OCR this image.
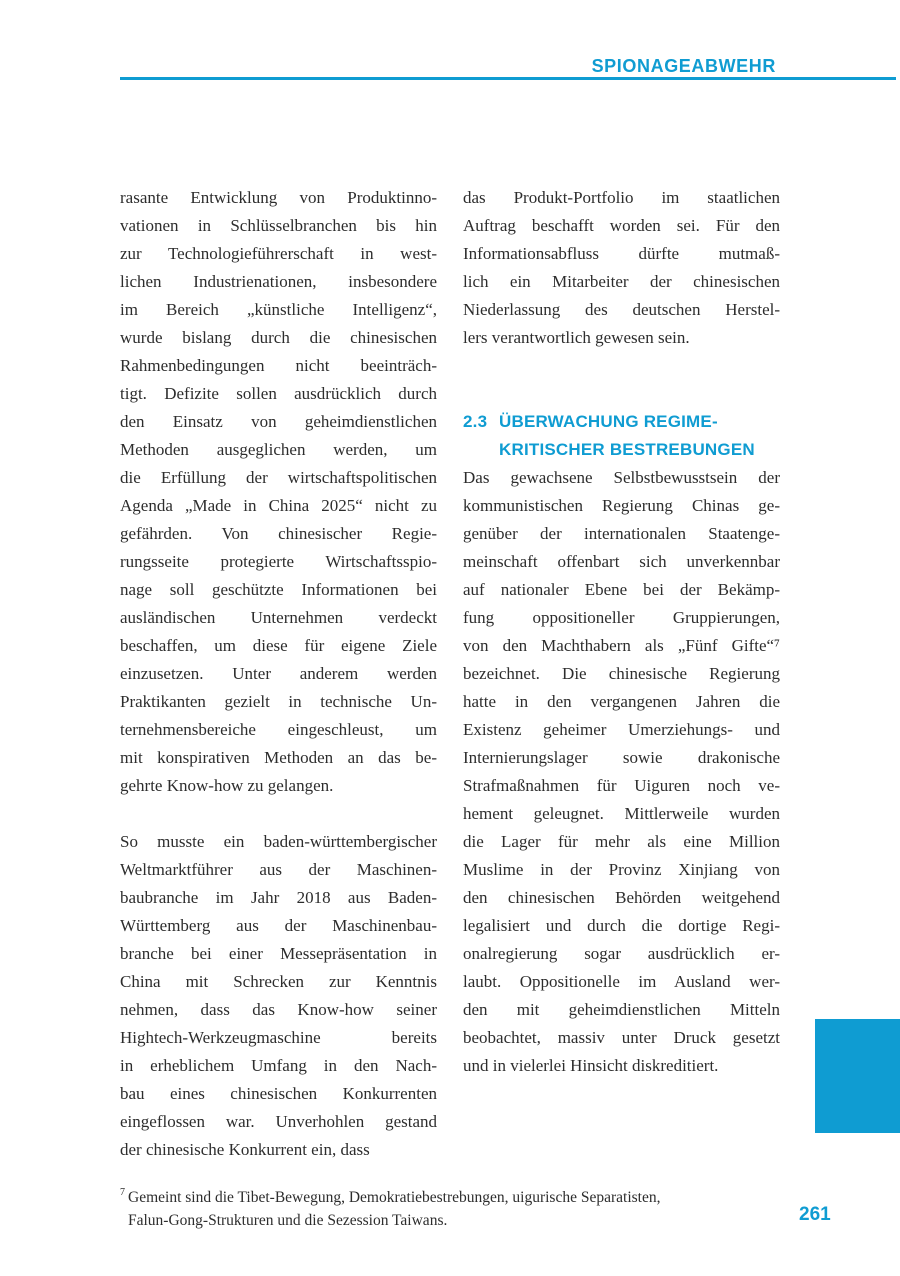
SPIONAGEABWEHR
rasante Entwicklung von Produktinno-
vationen in Schlüsselbranchen bis hin
zur Technologieführerschaft in west-
lichen Industrienationen, insbesondere
im Bereich „künstliche Intelligenz“,
wurde bislang durch die chinesischen
Rahmenbedingungen nicht beeinträch-
tigt. Defizite sollen ausdrücklich durch
den Einsatz von geheimdienstlichen
Methoden ausgeglichen werden, um
die Erfüllung der wirtschaftspolitischen
Agenda „Made in China 2025“ nicht zu
gefährden. Von chinesischer Regie-
rungsseite protegierte Wirtschaftsspio-
nage soll geschützte Informationen bei
ausländischen Unternehmen verdeckt
beschaffen, um diese für eigene Ziele
einzusetzen. Unter anderem werden
Praktikanten gezielt in technische Un-
ternehmensbereiche eingeschleust, um
mit konspirativen Methoden an das be-
gehrte Know-how zu gelangen.
So musste ein baden-württembergischer
Weltmarktführer aus der Maschinen-
baubranche im Jahr 2018 aus Baden-
Württemberg aus der Maschinenbau-
branche bei einer Messepräsentation in
China mit Schrecken zur Kenntnis
nehmen, dass das Know-how seiner
Hightech-Werkzeugmaschine bereits
in erheblichem Umfang in den Nach-
bau eines chinesischen Konkurrenten
eingeflossen war. Unverhohlen gestand
der chinesische Konkurrent ein, dass
das Produkt-Portfolio im staatlichen
Auftrag beschafft worden sei. Für den
Informationsabfluss dürfte mutmaß-
lich ein Mitarbeiter der chinesischen
Niederlassung des deutschen Herstel-
lers verantwortlich gewesen sein.
2.3 ÜBERWACHUNG REGIME-
KRITISCHER BESTREBUNGEN
Das gewachsene Selbstbewusstsein der
kommunistischen Regierung Chinas ge-
genüber der internationalen Staatenge-
meinschaft offenbart sich unverkennbar
auf nationaler Ebene bei der Bekämp-
fung oppositioneller Gruppierungen,
von den Machthabern als „Fünf Gifte“⁷
bezeichnet. Die chinesische Regierung
hatte in den vergangenen Jahren die
Existenz geheimer Umerziehungs- und
Internierungslager sowie drakonische
Strafmaßnahmen für Uiguren noch ve-
hement geleugnet. Mittlerweile wurden
die Lager für mehr als eine Million
Muslime in der Provinz Xinjiang von
den chinesischen Behörden weitgehend
legalisiert und durch die dortige Regi-
onalregierung sogar ausdrücklich er-
laubt. Oppositionelle im Ausland wer-
den mit geheimdienstlichen Mitteln
beobachtet, massiv unter Druck gesetzt
und in vielerlei Hinsicht diskreditiert.
$^7$ Gemeint sind die Tibet-Bewegung, Demokratiebestrebungen, uigurische Separatisten,
Falun-Gong-Strukturen und die Sezession Taiwans.	261
